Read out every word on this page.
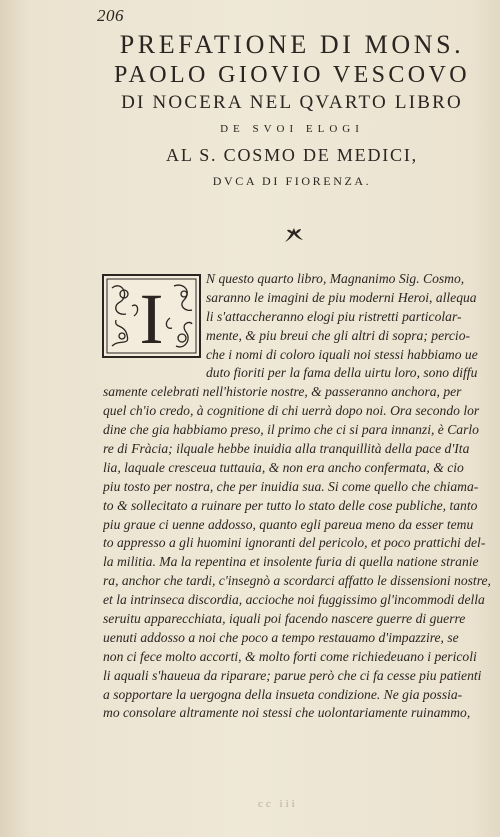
206
PREFATIONE DI MONS.
PAOLO GIOVIO VESCOVO
DI NOCERA NEL QVARTO LIBRO
DE SVOI ELOGI
AL S. COSMO DE MEDICI,
DVCA DI FIORENZA.
I
N questo quarto libro, Magnanimo Sig. Cosmo,
saranno le imagini de piu moderni Heroi, allequa
li s'attaccheranno elogi piu ristretti particolar-
mente, & piu breui che gli altri di sopra; percio-
che i nomi di coloro iquali noi stessi habbiamo ue
duto fioriti per la fama della uirtu loro, sono diffu
samente celebrati nell'historie nostre, & passeranno anchora, per
quel ch'io credo, à cognitione di chi uerrà dopo noi. Ora secondo lor
dine che gia habbiamo preso, il primo che ci si para innanzi, è Carlo
re di Fràcia; ilquale hebbe inuidia alla tranquillità della pace d'Ita
lia, laquale cresceua tuttauia, & non era ancho confermata, & cio
piu tosto per nostra, che per inuidia sua. Si come quello che chiama-
to & sollecitato a ruinare per tutto lo stato delle cose publiche, tanto
piu graue ci uenne addosso, quanto egli pareua meno da esser temu
to appresso a gli huomini ignoranti del pericolo, et poco prattichi del-
la militia. Ma la repentina et insolente furia di quella natione stranie
ra, anchor che tardi, c'insegnò a scordarci affatto le dissensioni nostre,
et la intrinseca discordia, accioche noi fuggissimo gl'incommodi della
seruitu apparecchiata, iquali poi facendo nascere guerre di guerre
uenuti addosso a noi che poco a tempo restauamo d'impazzire, se
non ci fece molto accorti, & molto forti come richiedeuano i pericoli
li aquali s'haueua da riparare; parue però che ci fa cesse piu patienti
a sopportare la uergogna della insueta condizione. Ne gia possia-
mo consolare altramente noi stessi che uolontariamente ruinammo,
cc iii
